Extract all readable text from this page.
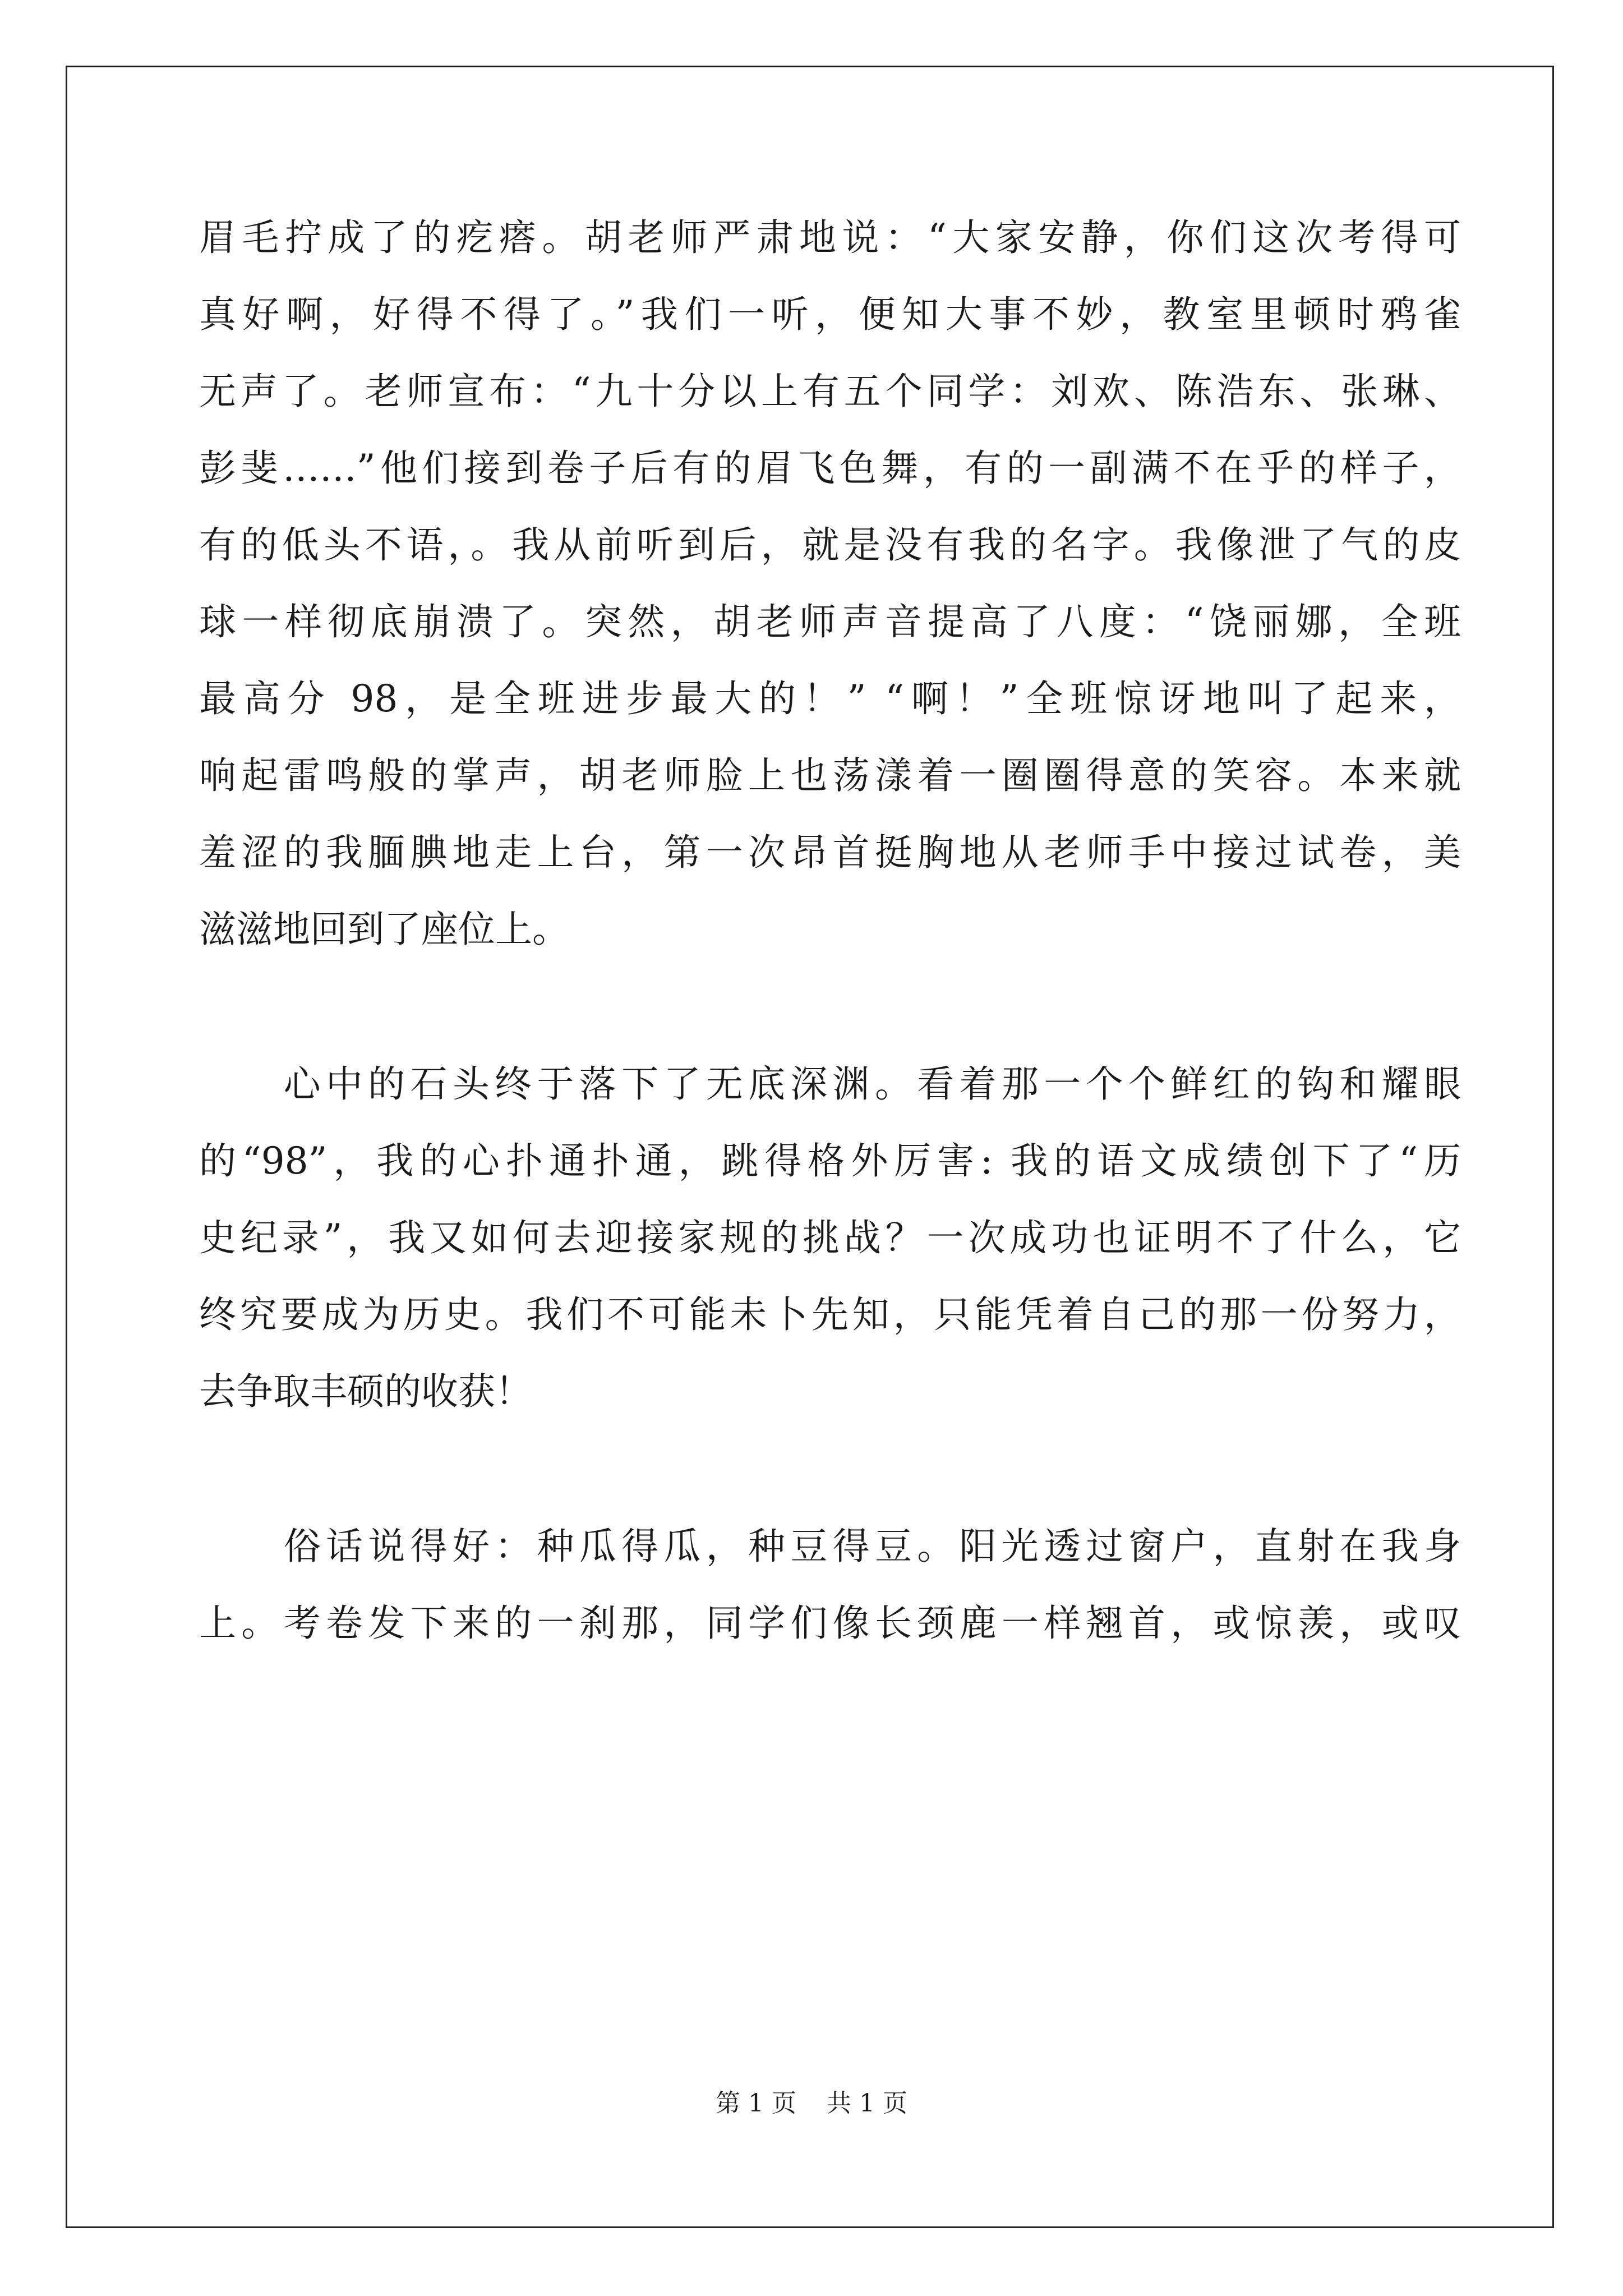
眉毛拧成了的疙瘩。胡老师严肃地说：“大家安静，你们这次考得可
真好啊，好得不得了。”我们一听，便知大事不妙，教室里顿时鸦雀
无声了。老师宣布：“九十分以上有五个同学：刘欢、陈浩东、张琳、
彭斐……”他们接到卷子后有的眉飞色舞，有的一副满不在乎的样子，
有的低头不语，。我从前听到后，就是没有我的名字。我像泄了气的皮
球一样彻底崩溃了。突然，胡老师声音提高了八度：“饶丽娜，全班
最高分 98，是全班进步最大的！” “啊！”全班惊讶地叫了起来，
响起雷鸣般的掌声，胡老师脸上也荡漾着一圈圈得意的笑容。本来就
羞涩的我腼腆地走上台，第一次昂首挺胸地从老师手中接过试卷，美
滋滋地回到了座位上。
　　心中的石头终于落下了无底深渊。看着那一个个鲜红的钩和耀眼
的“98”，我的心扑通扑通，跳得格外厉害: 我的语文成绩创下了“历
史纪录”，我又如何去迎接家规的挑战？一次成功也证明不了什么，它
终究要成为历史。我们不可能未卜先知，只能凭着自己的那一份努力，
去争取丰硕的收获！
　　俗话说得好：种瓜得瓜，种豆得豆。阳光透过窗户，直射在我身
上。考卷发下来的一刹那，同学们像长颈鹿一样翘首，或惊羡，或叹
第 1 页 共 1 页
